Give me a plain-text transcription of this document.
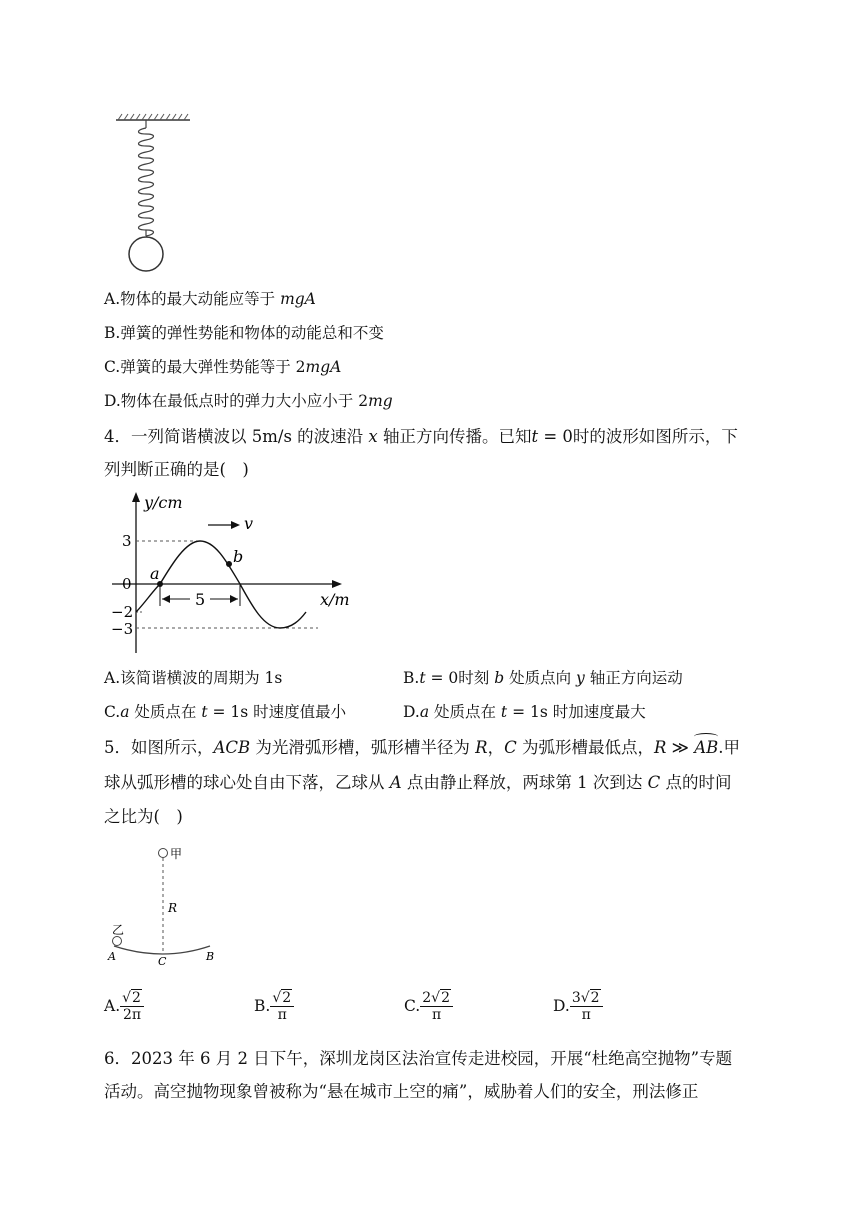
A.物体的最大动能应等于 mgA
B.弹簧的弹性势能和物体的动能总和不变
C.弹簧的最大弹性势能等于 2mgA
D.物体在最低点时的弹力大小应小于 2mg
4．一列简谐横波以 5m/s 的波速沿 x 轴正方向传播。已知t = 0时的波形如图所示，下
列判断正确的是(　)
y/cm
x/m
3
0
−2
−3
a
b
v
5
A.该简谐横波的周期为 1s	B.t = 0时刻 b 处质点向 y 轴正方向运动
C.a 处质点在 t = 1s 时速度值最小	D.a 处质点在 t = 1s 时加速度最大
5．如图所示，ACB 为光滑弧形槽，弧形槽半径为 R，C 为弧形槽最低点，R ≫
AB.甲
球从弧形槽的球心处自由下落，乙球从 A 点由静止释放，两球第 1 次到达 C 点的时间
之比为(　)
甲
R
乙
A	C	B
A. $\frac{√2}{2\pi}$	B. $\frac{√2}{\pi}$	C. $\frac{2√2}{\pi}$	D. $\frac{3√2}{\pi}$
6．2023 年 6 月 2 日下午，深圳龙岗区法治宣传走进校园，开展“杜绝高空抛物”专题
活动。高空抛物现象曾被称为“悬在城市上空的痛”，威胁着人们的安全，刑法修正
